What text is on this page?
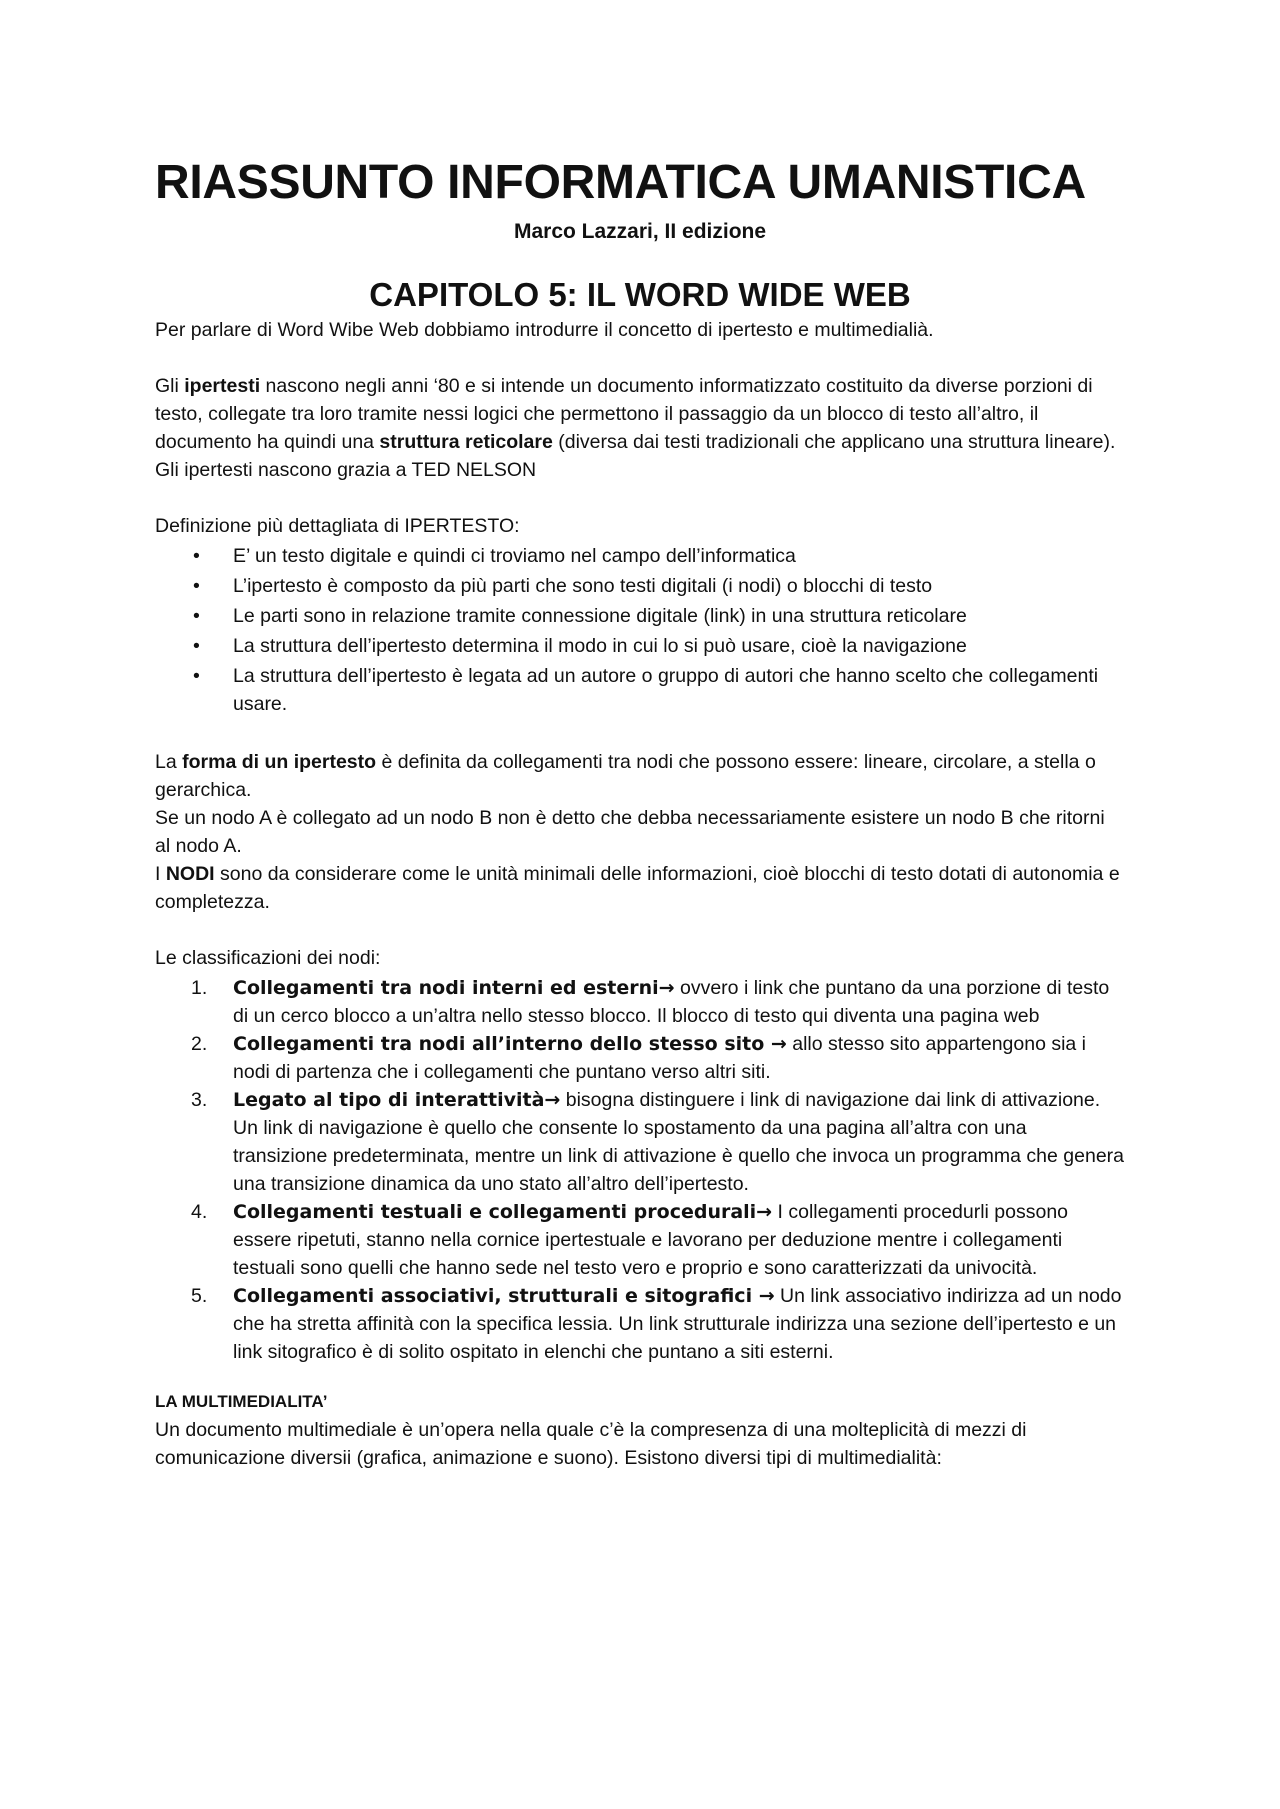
RIASSUNTO INFORMATICA UMANISTICA

Marco Lazzari, II edizione

CAPITOLO 5: IL WORD WIDE WEB

Per parlare di Word Wibe Web dobbiamo introdurre il concetto di ipertesto e multimedialià.

Gli ipertesti nascono negli anni ‘80 e si intende un documento informatizzato costituito da diverse porzioni di testo, collegate tra loro tramite nessi logici che permettono il passaggio da un blocco di testo all’altro, il documento ha quindi una struttura reticolare (diversa dai testi tradizionali che applicano una struttura lineare).

Gli ipertesti nascono grazia a TED NELSON

Definizione più dettagliata di IPERTESTO:

• E’ un testo digitale e quindi ci troviamo nel campo dell’informatica
• L’ipertesto è composto da più parti che sono testi digitali (i nodi) o blocchi di testo
• Le parti sono in relazione tramite connessione digitale (link) in una struttura reticolare
• La struttura dell’ipertesto determina il modo in cui lo si può usare, cioè la navigazione
• La struttura dell’ipertesto è legata ad un autore o gruppo di autori che hanno scelto che collegamenti usare.

La forma di un ipertesto è definita da collegamenti tra nodi che possono essere: lineare, circolare, a stella o gerarchica.

Se un nodo A è collegato ad un nodo B non è detto che debba necessariamente esistere un nodo B che ritorni al nodo A.

I NODI sono da considerare come le unità minimali delle informazioni, cioè blocchi di testo dotati di autonomia e completezza.

Le classificazioni dei nodi:

1. Collegamenti tra nodi interni ed esterni→ ovvero i link che puntano da una porzione di testo di un cerco blocco a un’altra nello stesso blocco. Il blocco di testo qui diventa una pagina web
2. Collegamenti tra nodi all’interno dello stesso sito → allo stesso sito appartengono sia i nodi di partenza che i collegamenti che puntano verso altri siti.
3. Legato al tipo di interattività→ bisogna distinguere i link di navigazione dai link di attivazione. Un link di navigazione è quello che consente lo spostamento da una pagina all’altra con una transizione predeterminata, mentre un link di attivazione è quello che invoca un programma che genera una transizione dinamica da uno stato all’altro dell’ipertesto.
4. Collegamenti testuali e collegamenti procedurali→ I collegamenti procedurli possono essere ripetuti, stanno nella cornice ipertestuale e lavorano per deduzione mentre i collegamenti testuali sono quelli che hanno sede nel testo vero e proprio e sono caratterizzati da univocità.
5. Collegamenti associativi, strutturali e sitografici → Un link associativo indirizza ad un nodo che ha stretta affinità con la specifica lessia. Un link strutturale indirizza una sezione dell’ipertesto e un link sitografico è di solito ospitato in elenchi che puntano a siti esterni.

LA MULTIMEDIALITA’

Un documento multimediale è un’opera nella quale c’è la compresenza di una molteplicità di mezzi di comunicazione diversii (grafica, animazione e suono). Esistono diversi tipi di multimedialità:
